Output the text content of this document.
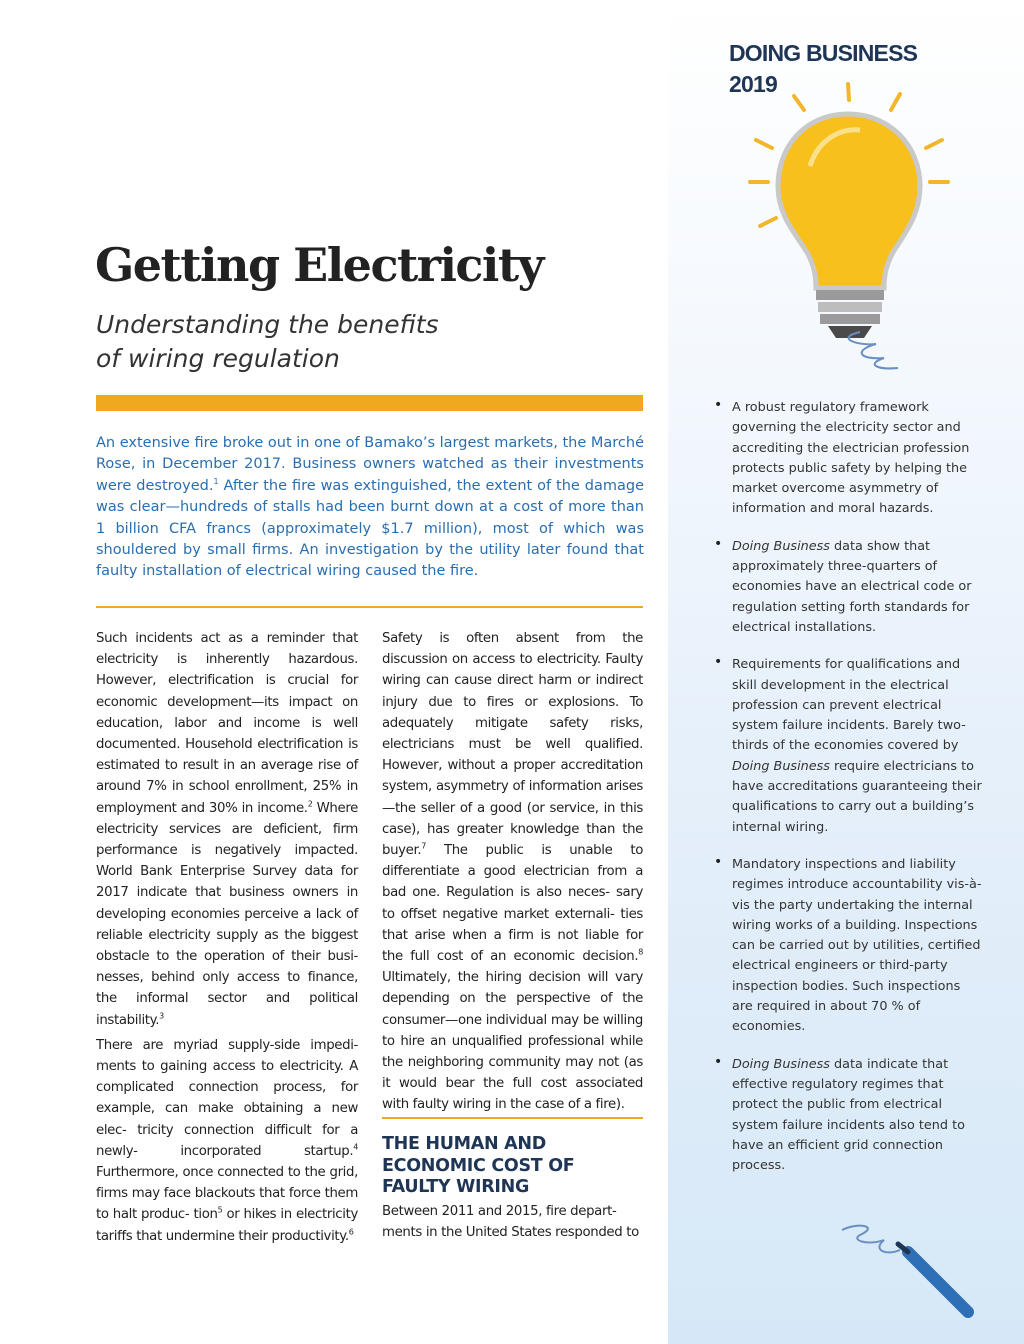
DOING BUSINESS
2019
Getting Electricity
Understanding the benefits
of wiring regulation
An extensive fire broke out in one of Bamako’s largest markets, the Marché Rose, in December 2017. Business owners watched as their investments were destroyed.$^1$ After the fire was extinguished, the extent of the damage was clear—hundreds of stalls had been burnt down at a cost of more than 1 billion CFA francs (approximately $1.7 million), most of which was shouldered by small firms. An investigation by the utility later found that faulty installation of electrical wiring caused the fire.

Such incidents act as a reminder that electricity is inherently hazardous. However, electrification is crucial for economic development—its impact on education, labor and income is well documented. Household electrification is estimated to result in an average rise of around 7% in school enrollment, 25% in employment and 30% in income.$^2$ Where electricity services are deficient, firm performance is negatively impacted. World Bank Enterprise Survey data for 2017 indicate that business owners in developing economies perceive a lack of reliable electricity supply as the biggest obstacle to the operation of their busi- nesses, behind only access to finance, the informal sector and political instability.$^3$

There are myriad supply-side impedi- ments to gaining access to electricity. A complicated connection process, for example, can make obtaining a new elec- tricity connection difficult for a newly- incorporated startup.$^4$ Furthermore, once connected to the grid, firms may face blackouts that force them to halt produc- tion$^5$ or hikes in electricity tariffs that undermine their productivity.$^6$

Safety is often absent from the discussion on access to electricity. Faulty wiring can cause direct harm or indirect injury due to fires or explosions. To adequately mitigate safety risks, electricians must be well qualified. However, without a proper accreditation system, asymmetry of information arises—the seller of a good (or service, in this case), has greater knowledge than the buyer.$^7$ The public is unable to differentiate a good electrician from a bad one. Regulation is also neces- sary to offset negative market externali- ties that arise when a firm is not liable for the full cost of an economic decision.$^8$ Ultimately, the hiring decision will vary depending on the perspective of the consumer—one individual may be willing to hire an unqualified professional while the neighboring community may not (as it would bear the full cost associated with faulty wiring in the case of a fire).

THE HUMAN AND ECONOMIC COST OF FAULTY WIRING
Between 2011 and 2015, fire depart- ments in the United States responded to
• A robust regulatory framework governing the electricity sector and accrediting the electrician profession protects public safety by helping the market overcome asymmetry of information and moral hazards.
• Doing Business data show that approximately three-quarters of economies have an electrical code or regulation setting forth standards for electrical installations.
• Requirements for qualifications and skill development in the electrical profession can prevent electrical system failure incidents. Barely two-thirds of the economies covered by Doing Business require electricians to have accreditations guaranteeing their qualifications to carry out a building’s internal wiring.
• Mandatory inspections and liability regimes introduce accountability vis-à-vis the party undertaking the internal wiring works of a building. Inspections can be carried out by utilities, certified electrical engineers or third-party inspection bodies. Such inspections are required in about 70 % of economies.
• Doing Business data indicate that effective regulatory regimes that protect the public from electrical system failure incidents also tend to have an efficient grid connection process.
